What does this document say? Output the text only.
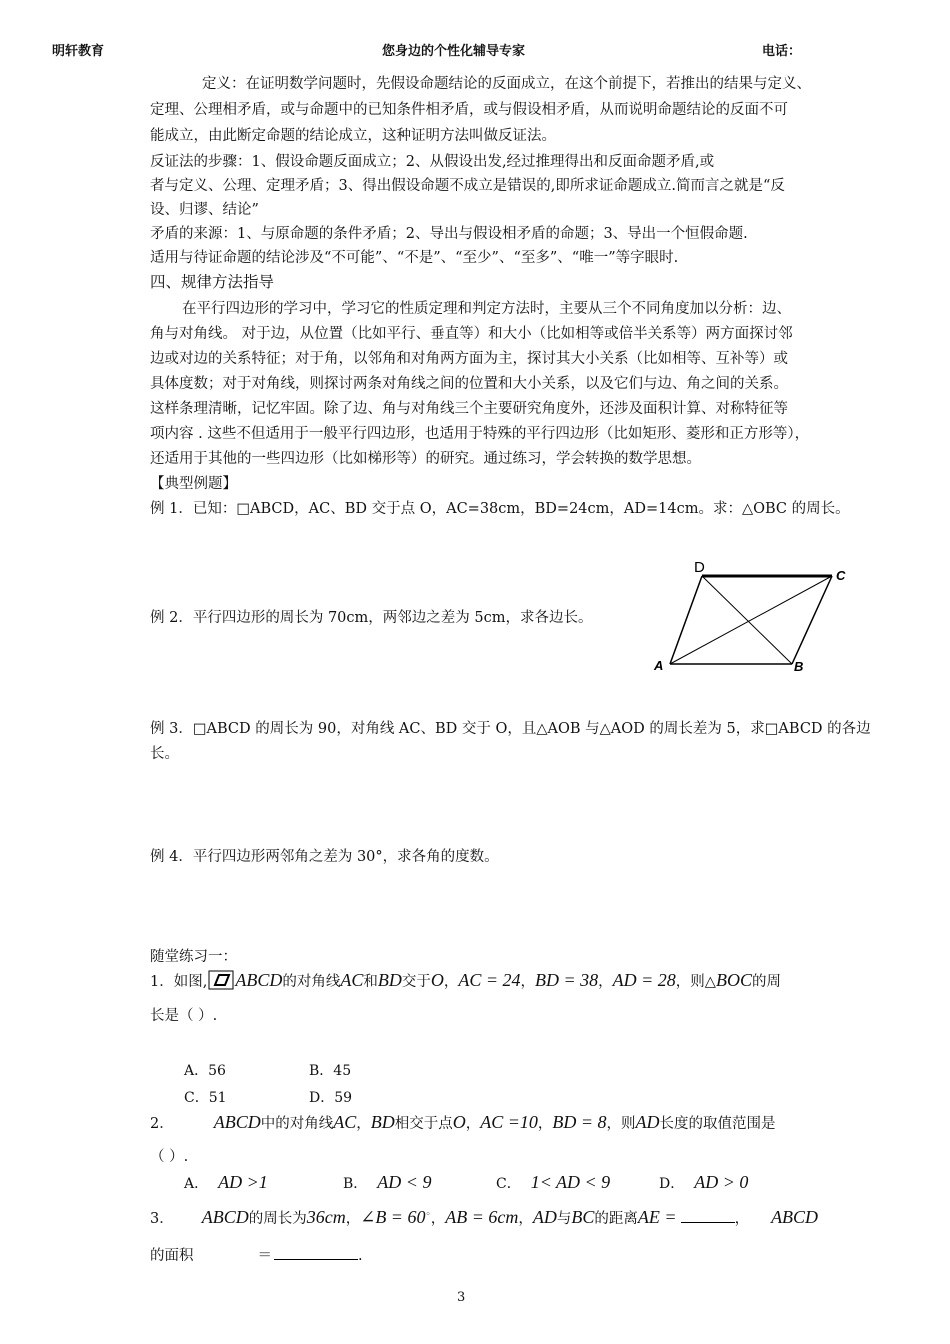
明轩教育	您身边的个性化辅导专家	电话：
定义：在证明数学问题时，先假设命题结论的反面成立，在这个前提下，若推出的结果与定义、
定理、公理相矛盾，或与命题中的已知条件相矛盾，或与假设相矛盾，从而说明命题结论的反面不可
能成立，由此断定命题的结论成立，这种证明方法叫做反证法。
反证法的步骤：1、假设命题反面成立；2、从假设出发,经过推理得出和反面命题矛盾,或
者与定义、公理、定理矛盾；3、得出假设命题不成立是错误的,即所求证命题成立.简而言之就是“反
设、归谬、结论”
矛盾的来源：1、与原命题的条件矛盾；2、导出与假设相矛盾的命题；3、导出一个恒假命题.
适用与待证命题的结论涉及“不可能”、“不是”、“至少”、“至多”、“唯一”等字眼时.
四、规律方法指导
在平行四边形的学习中，学习它的性质定理和判定方法时，主要从三个不同角度加以分析：边、
角与对角线。 对于边，从位置（比如平行、垂直等）和大小（比如相等或倍半关系等）两方面探讨邻
边或对边的关系特征；对于角，以邻角和对角两方面为主，探讨其大小关系（比如相等、互补等）或
具体度数；对于对角线，则探讨两条对角线之间的位置和大小关系，以及它们与边、角之间的关系。
这样条理清晰，记忆牢固。除了边、角与对角线三个主要研究角度外，还涉及面积计算、对称特征等
项内容 . 这些不但适用于一般平行四边形，也适用于特殊的平行四边形（比如矩形、菱形和正方形等），
还适用于其他的一些四边形（比如梯形等）的研究。通过练习，学会转换的数学思想。
【典型例题】
例 1．已知：□ABCD，AC、BD 交于点 O，AC=38cm，BD=24cm，AD=14cm。求：△OBC 的周长。
例 2．平行四边形的周长为 70cm，两邻边之差为 5cm，求各边长。
D	C
A	B
例 3．□ABCD 的周长为 90，对角线 AC、BD 交于 O，且△AOB 与△AOD 的周长差为 5，求□ABCD 的各边
长。
例 4．平行四边形两邻角之差为 30°，求各角的度数。
随堂练习一：
1．如图, ABCD的对角线AC和BD交于O，AC = 24，BD = 38，AD = 28，则△BOC的周
长是（ ）.
A．56	B．45
C．51	D．59
2． ABCD中的对角线AC，BD相交于点O，AC =10，BD = 8，则AD长度的取值范围是
（ ）.
A． AD >1	B． AD < 9	C． 1< AD < 9	D． AD > 0
3． ABCD的周长为36cm，∠B = 60◦，AB = 6cm，AD与BC的距离AE =	， ABCD
的面积	＝	.
3
